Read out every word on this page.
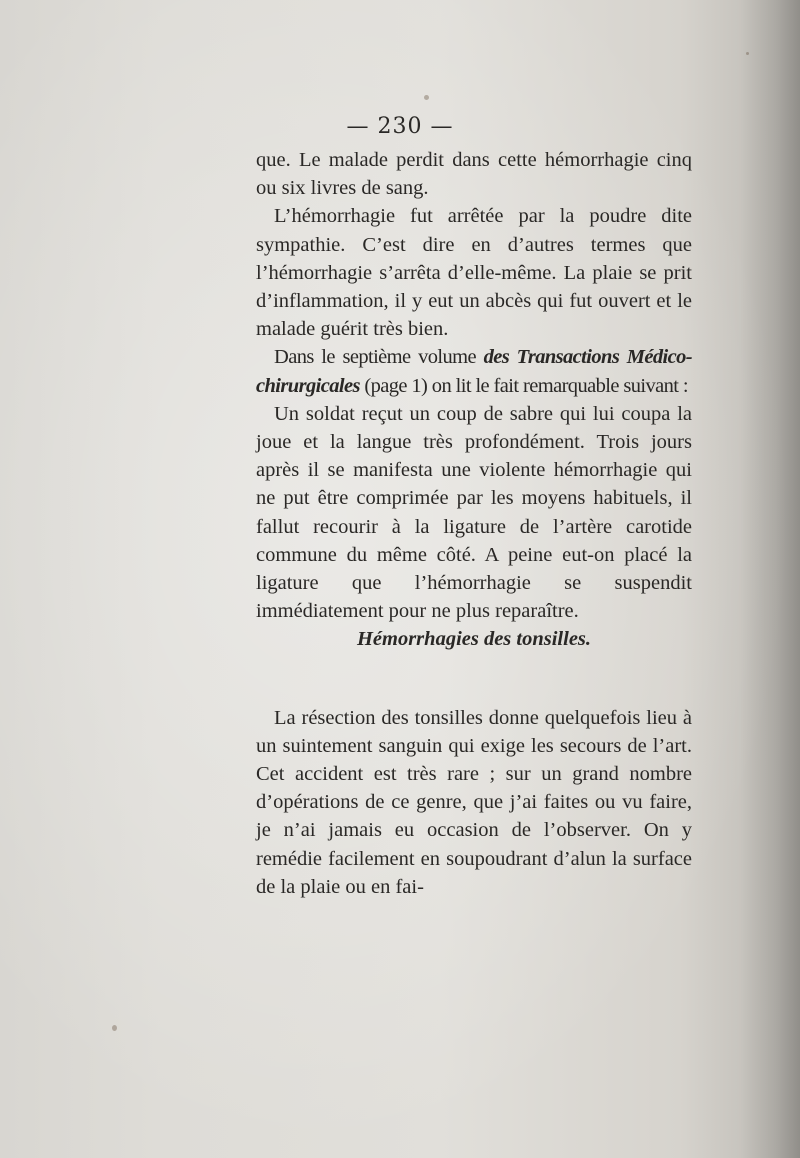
— 230 —

que. Le malade perdit dans cette hémorrhagie cinq ou six livres de sang.

L’hémorrhagie fut arrêtée par la poudre dite sympathie. C’est dire en d’autres termes que l’hémorrhagie s’arrêta d’elle-même. La plaie se prit d’inflammation, il y eut un abcès qui fut ouvert et le malade guérit très bien.

Dans le septième volume des Transactions Médico-chirurgicales (page 1) on lit le fait remarquable suivant :

Un soldat reçut un coup de sabre qui lui coupa la joue et la langue très profondément. Trois jours après il se manifesta une violente hémorrhagie qui ne put être comprimée par les moyens habituels, il fallut recourir à la ligature de l’artère carotide commune du même côté. A peine eut-on placé la ligature que l’hémorrhagie se suspendit immédiatement pour ne plus reparaître.

Hémorrhagies des tonsilles.

La résection des tonsilles donne quelquefois lieu à un suintement sanguin qui exige les secours de l’art. Cet accident est très rare ; sur un grand nombre d’opérations de ce genre, que j’ai faites ou vu faire, je n’ai jamais eu occasion de l’observer. On y remédie facilement en soupoudrant d’alun la surface de la plaie ou en fai-
